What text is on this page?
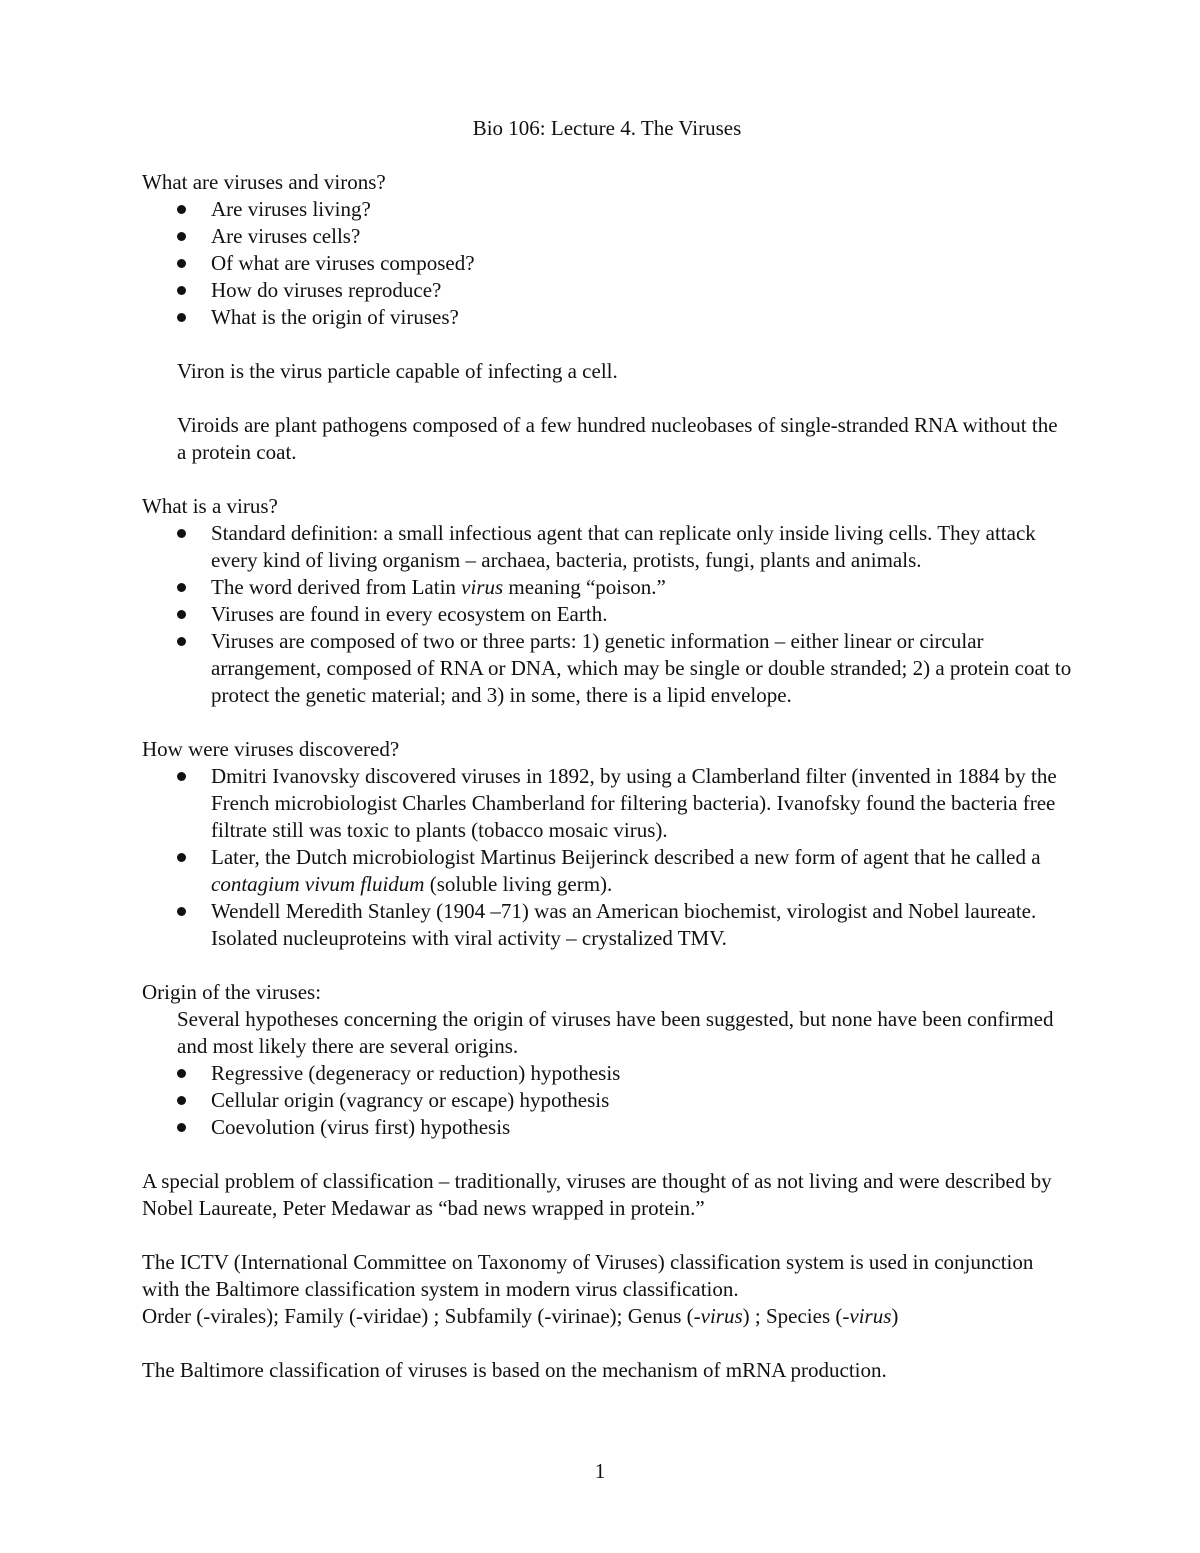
Bio 106: Lecture 4. The Viruses
What are viruses and virons?
Are viruses living?
Are viruses cells?
Of what are viruses composed?
How do viruses reproduce?
What is the origin of viruses?
Viron is the virus particle capable of infecting a cell.
Viroids are plant pathogens composed of a few hundred nucleobases of single-stranded RNA without the a protein coat.
What is a virus?
Standard definition: a small infectious agent that can replicate only inside living cells. They attack every kind of living organism – archaea, bacteria, protists, fungi, plants and animals.
The word derived from Latin virus meaning “poison.”
Viruses are found in every ecosystem on Earth.
Viruses are composed of two or three parts: 1) genetic information – either linear or circular arrangement, composed of RNA or DNA, which may be single or double stranded; 2) a protein coat to protect the genetic material; and 3) in some, there is a lipid envelope.
How were viruses discovered?
Dmitri Ivanovsky discovered viruses in 1892, by using a Clamberland filter (invented in 1884 by the French microbiologist Charles Chamberland for filtering bacteria). Ivanofsky found the bacteria free filtrate still was toxic to plants (tobacco mosaic virus).
Later, the Dutch microbiologist Martinus Beijerinck described a new form of agent that he called a contagium vivum fluidum (soluble living germ).
Wendell Meredith Stanley (1904 –71) was an American biochemist, virologist and Nobel laureate. Isolated nucleuproteins with viral activity – crystalized TMV.
Origin of the viruses:
Several hypotheses concerning the origin of viruses have been suggested, but none have been confirmed and most likely there are several origins.
Regressive (degeneracy or reduction) hypothesis
Cellular origin (vagrancy or escape) hypothesis
Coevolution (virus first) hypothesis
A special problem of classification – traditionally, viruses are thought of as not living and were described by Nobel Laureate, Peter Medawar as “bad news wrapped in protein.”
The ICTV (International Committee on Taxonomy of Viruses) classification system is used in conjunction with the Baltimore classification system in modern virus classification.
Order (-virales); Family (-viridae) ; Subfamily (-virinae); Genus (-virus) ; Species (-virus)
The Baltimore classification of viruses is based on the mechanism of mRNA production.
1
